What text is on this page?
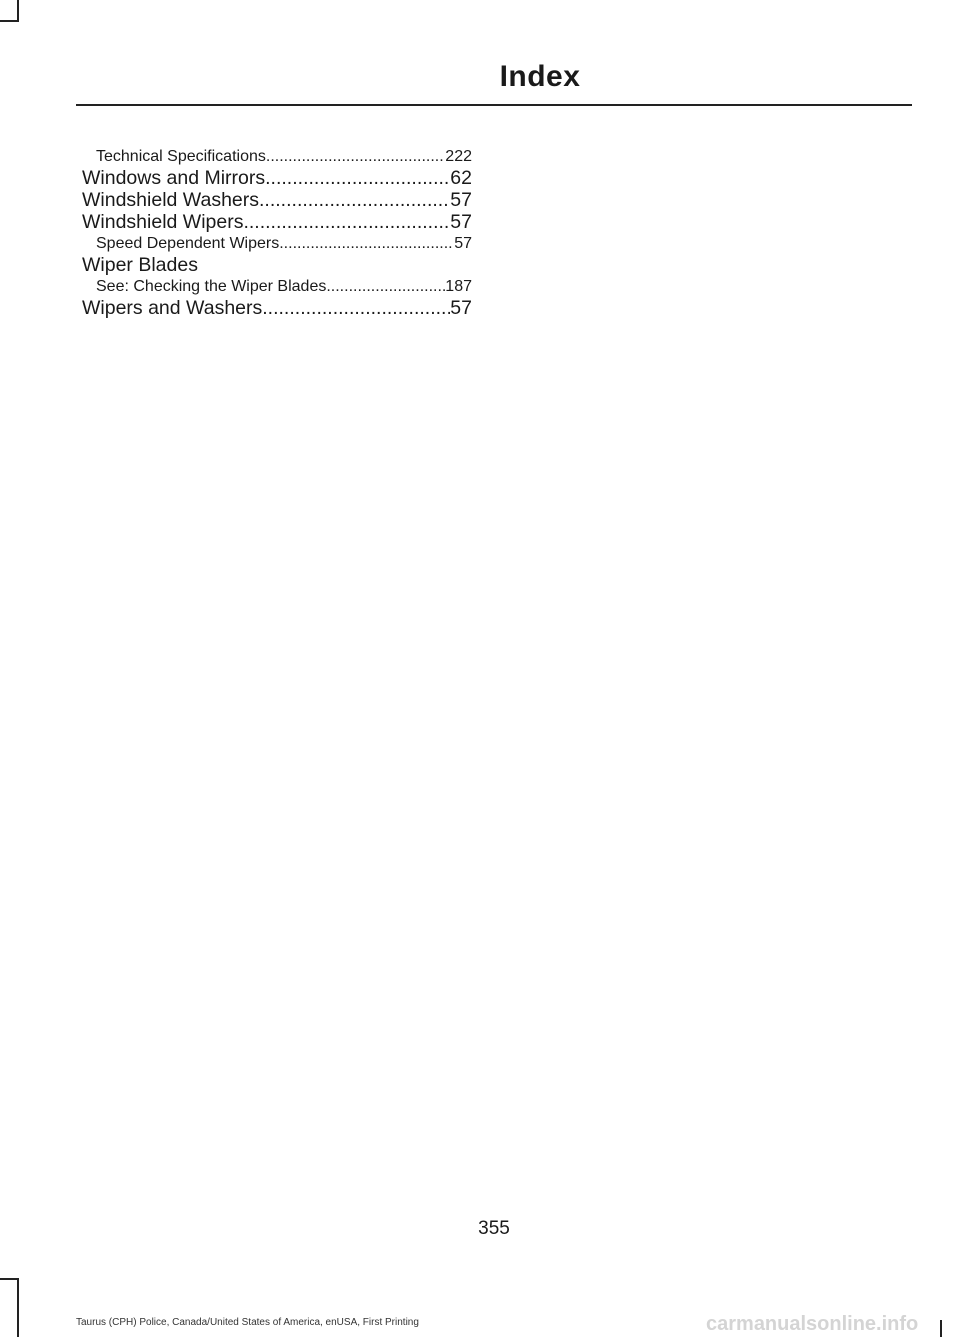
Index
Technical Specifications .....	222
Windows and Mirrors .....	62
Windshield Washers .....	57
Windshield Wipers .....	57
Speed Dependent Wipers .....	57
Wiper Blades
See: Checking the Wiper Blades .....	187
Wipers and Washers .....	57
355
Taurus (CPH) Police, Canada/United States of America, enUSA, First Printing	carmanualsonline.info
